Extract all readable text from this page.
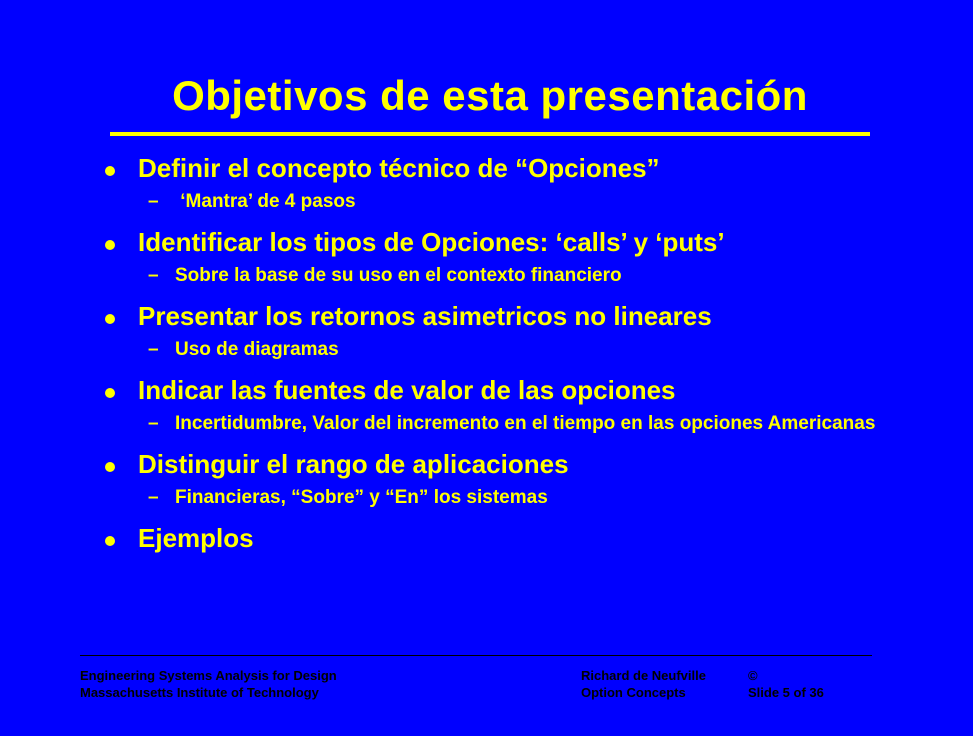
Objetivos de esta presentación
Definir el concepto técnico de “Opciones”
– ‘Mantra’ de 4 pasos
Identificar los tipos de Opciones: ‘calls’ y ‘puts’
– Sobre la base de su uso en el contexto financiero
Presentar los retornos asimetricos no lineares
– Uso de diagramas
Indicar las fuentes de valor de las opciones
– Incertidumbre, Valor del incremento en el tiempo en las opciones Americanas
Distinguir el rango de aplicaciones
– Financieras, “Sobre” y “En” los sistemas
Ejemplos
Engineering Systems Analysis for Design
Massachusetts Institute of Technology
Richard de Neufville
Option Concepts
©
Slide 5 of 36
